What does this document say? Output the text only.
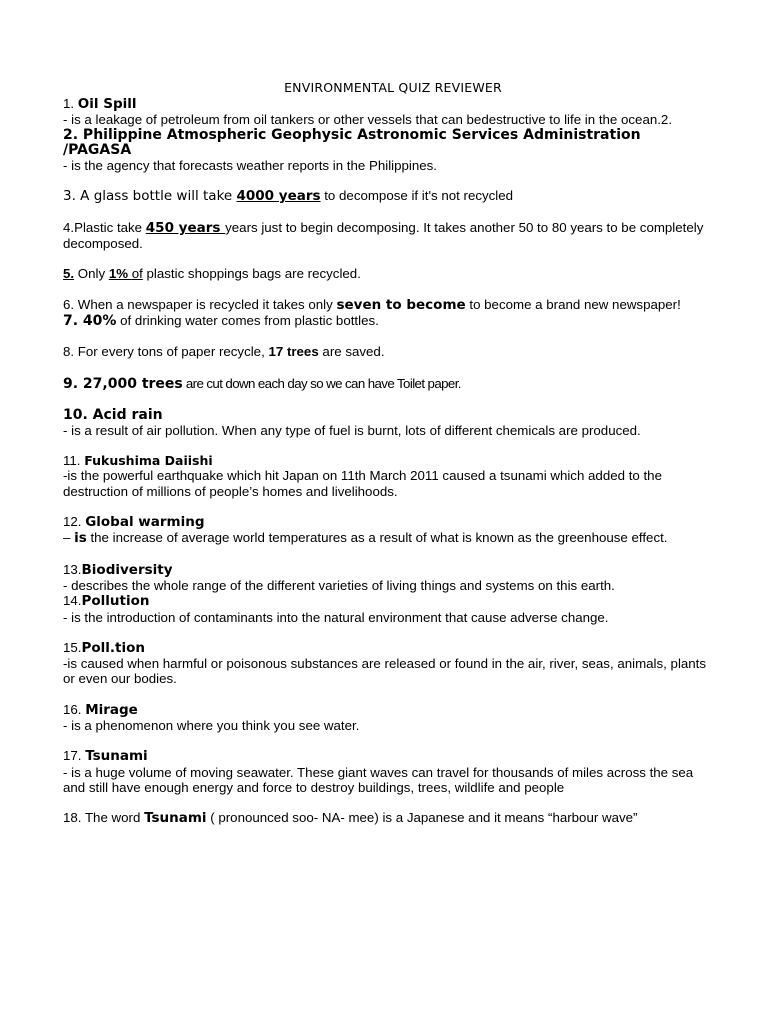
ENVIRONMENTAL QUIZ REVIEWER
1. Oil Spill
- is a leakage of petroleum from oil tankers or other vessels that can bedestructive to life in the ocean.2.
2. Philippine Atmospheric Geophysic Astronomic Services Administration /PAGASA
- is the agency that forecasts weather reports in the Philippines.
3. A glass bottle will take 4000 years to decompose if it's not recycled
4.Plastic take 450 years years just to begin decomposing. It takes another 50 to 80 years to be completely decomposed.
5. Only 1% of plastic shoppings bags are recycled.
6. When a newspaper is recycled it takes only seven to become to become a brand new newspaper!
7. 40% of drinking water comes from plastic bottles.
8. For every tons of paper recycle, 17 trees are saved.
9. 27,000 trees are cut down each day so we can have Toilet paper.
10. Acid rain
- is a result of air pollution. When any type of fuel is burnt, lots of different chemicals are produced.
11. Fukushima Daiishi
-is the powerful earthquake which hit Japan on 11th March 2011 caused a tsunami which added to the destruction of millions of people’s homes and livelihoods.
12. Global warming
– is the increase of average world temperatures as a result of what is known as the greenhouse effect.
13.Biodiversity
- describes the whole range of the different varieties of living things and systems on this earth.
14.Pollution
- is the introduction of contaminants into the natural environment that cause adverse change.
15.Poll.tion
-is caused when harmful or poisonous substances are released or found in the air, river, seas, animals, plants or even our bodies.
16. Mirage
- is a phenomenon where you think you see water.
17. Tsunami
- is a huge volume of moving seawater. These giant waves can travel for thousands of miles across the sea and still have enough energy and force to destroy buildings, trees, wildlife and people
18. The word Tsunami ( pronounced soo- NA- mee) is a Japanese and it means “harbour wave”
